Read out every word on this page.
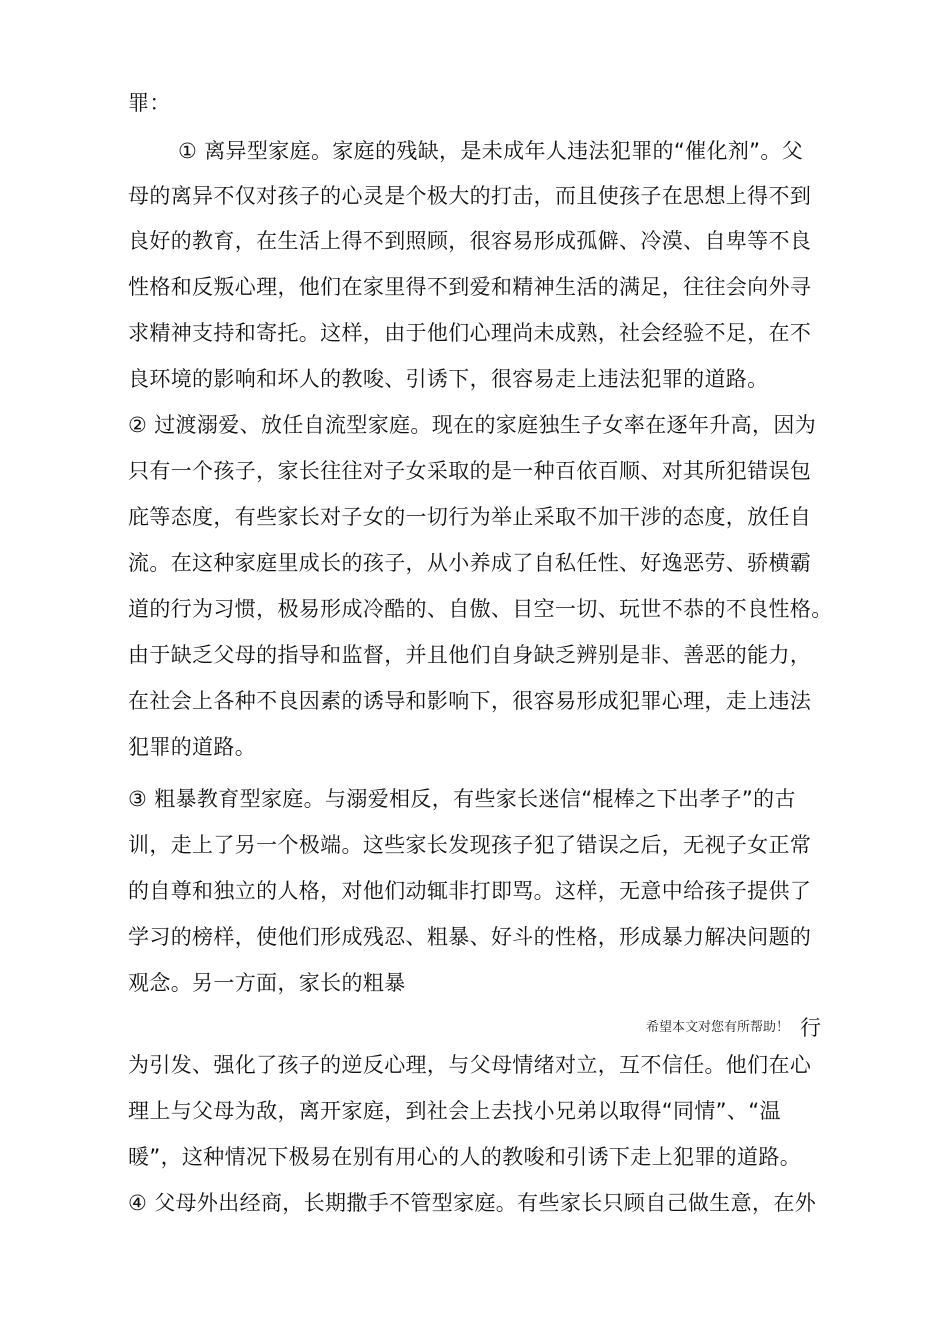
罪：
① 离异型家庭。家庭的残缺，是未成年人违法犯罪的“催化剂”。父
母的离异不仅对孩子的心灵是个极大的打击，而且使孩子在思想上得不到
良好的教育，在生活上得不到照顾，很容易形成孤僻、冷漠、自卑等不良
性格和反叛心理，他们在家里得不到爱和精神生活的满足，往往会向外寻
求精神支持和寄托。这样，由于他们心理尚未成熟，社会经验不足，在不
良环境的影响和坏人的教唆、引诱下，很容易走上违法犯罪的道路。
② 过渡溺爱、放任自流型家庭。现在的家庭独生子女率在逐年升高，因为
只有一个孩子，家长往往对子女采取的是一种百依百顺、对其所犯错误包
庇等态度，有些家长对子女的一切行为举止采取不加干涉的态度，放任自
流。在这种家庭里成长的孩子，从小养成了自私任性、好逸恶劳、骄横霸
道的行为习惯，极易形成冷酷的、自傲、目空一切、玩世不恭的不良性格。
由于缺乏父母的指导和监督，并且他们自身缺乏辨别是非、善恶的能力，
在社会上各种不良因素的诱导和影响下，很容易形成犯罪心理，走上违法
犯罪的道路。
③ 粗暴教育型家庭。与溺爱相反，有些家长迷信“棍棒之下出孝子”的古
训，走上了另一个极端。这些家长发现孩子犯了错误之后，无视子女正常
的自尊和独立的人格，对他们动辄非打即骂。这样，无意中给孩子提供了
学习的榜样，使他们形成残忍、粗暴、好斗的性格，形成暴力解决问题的
观念。另一方面，家长的粗暴
希望本文对您有所帮助！ 行
为引发、强化了孩子的逆反心理，与父母情绪对立，互不信任。他们在心
理上与父母为敌，离开家庭，到社会上去找小兄弟以取得“同情”、“温
暖”，这种情况下极易在别有用心的人的教唆和引诱下走上犯罪的道路。
④ 父母外出经商，长期撒手不管型家庭。有些家长只顾自己做生意，在外
